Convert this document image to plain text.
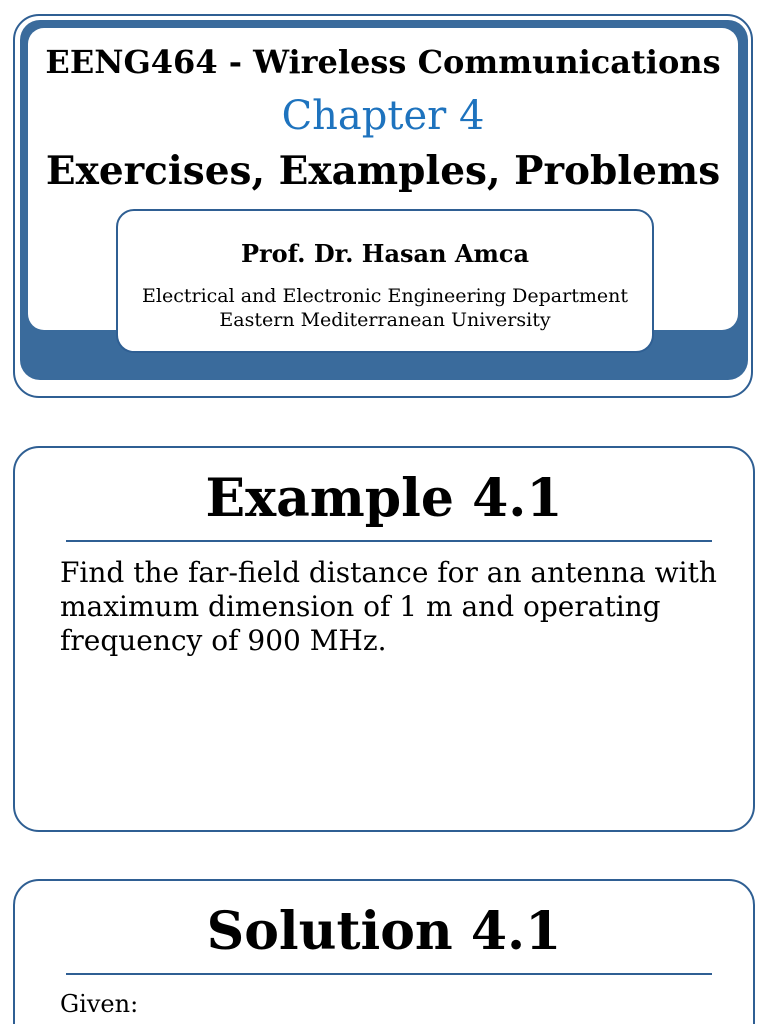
EENG464 - Wireless Communications
Chapter 4
Exercises, Examples, Problems
Prof. Dr. Hasan Amca
Electrical and Electronic Engineering Department
Eastern Mediterranean University
Example 4.1
Find the far-field distance for an antenna with maximum dimension of 1 m and operating frequency of 900 MHz.
Solution 4.1
Given:
